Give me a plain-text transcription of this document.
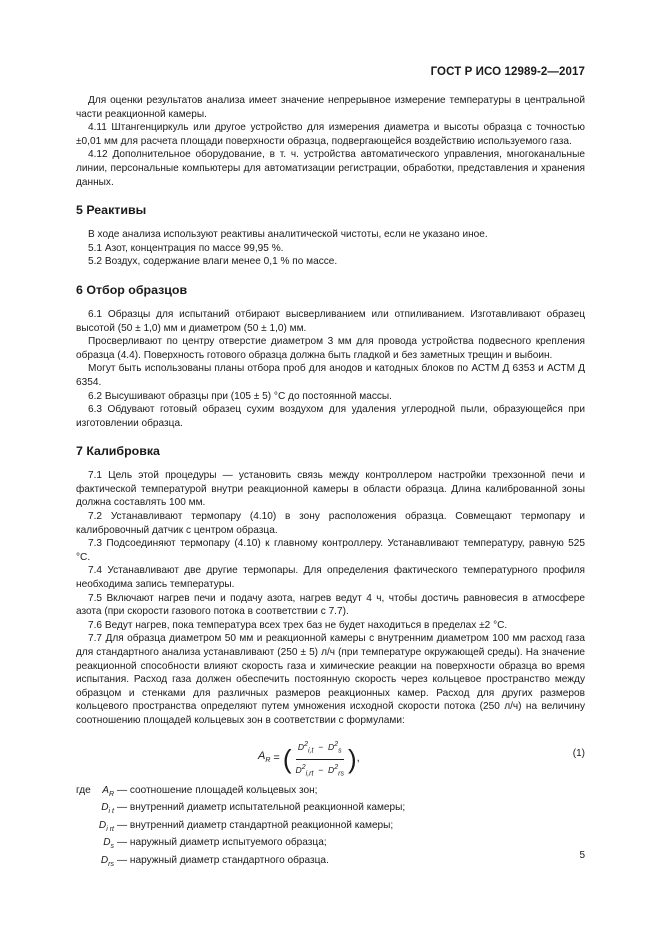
ГОСТ Р ИСО 12989-2—2017

Для оценки результатов анализа имеет значение непрерывное измерение температуры в центральной части реакционной камеры.

4.11 Штангенциркуль или другое устройство для измерения диаметра и высоты образца с точностью ±0,01 мм для расчета площади поверхности образца, подвергающейся воздействию используемого газа.

4.12 Дополнительное оборудование, в т. ч. устройства автоматического управления, многоканальные линии, персональные компьютеры для автоматизации регистрации, обработки, представления и хранения данных.

5 Реактивы

В ходе анализа используют реактивы аналитической чистоты, если не указано иное.

5.1 Азот, концентрация по массе 99,95 %.

5.2 Воздух, содержание влаги менее 0,1 % по массе.

6 Отбор образцов

6.1 Образцы для испытаний отбирают высверливанием или отпиливанием. Изготавливают образец высотой (50 ± 1,0) мм и диаметром (50 ± 1,0) мм.

Просверливают по центру отверстие диаметром 3 мм для провода устройства подвесного крепления образца (4.4). Поверхность готового образца должна быть гладкой и без заметных трещин и выбоин.

Могут быть использованы планы отбора проб для анодов и катодных блоков по АСТМ Д 6353 и АСТМ Д 6354.

6.2 Высушивают образцы при (105 ± 5) °С до постоянной массы.

6.3 Обдувают готовый образец сухим воздухом для удаления углеродной пыли, образующейся при изготовлении образца.

7 Калибровка

7.1 Цель этой процедуры — установить связь между контроллером настройки трехзонной печи и фактической температурой внутри реакционной камеры в области образца. Длина калиброванной зоны должна составлять 100 мм.

7.2 Устанавливают термопару (4.10) в зону расположения образца. Совмещают термопару и калибровочный датчик с центром образца.

7.3 Подсоединяют термопару (4.10) к главному контроллеру. Устанавливают температуру, равную 525 °С.

7.4 Устанавливают две другие термопары. Для определения фактического температурного профиля необходима запись температуры.

7.5 Включают нагрев печи и подачу азота, нагрев ведут 4 ч, чтобы достичь равновесия в атмосфере азота (при скорости газового потока в соответствии с 7.7).

7.6 Ведут нагрев, пока температура всех трех баз не будет находиться в пределах ±2 °С.

7.7 Для образца диаметром 50 мм и реакционной камеры с внутренним диаметром 100 мм расход газа для стандартного анализа устанавливают (250 ± 5) л/ч (при температуре окружающей среды). На значение реакционной способности влияют скорость газа и химические реакции на поверхности образца во время испытания. Расход газа должен обеспечить постоянную скорость через кольцевое пространство между образцом и стенками для различных размеров реакционных камер. Расход для других размеров кольцевого пространства определяют путем умножения исходной скорости потока (250 л/ч) на величину соотношению площадей кольцевых зон в соответствии с формулами:

$A_R$ = ( $\frac{D^2_{i,t} - D^2_s}{D^2_{i,rt} - D^2_{rs}}$ ) ,	(1)
где	$A_R$ — соотношение площадей кольцевых зон;
$D_{i t}$ — внутренний диаметр испытательной реакционной камеры;
$D_{i rt}$ — внутренний диаметр стандартной реакционной камеры;
$D_s$ — наружный диаметр испытуемого образца;
$D_{rs}$ — наружный диаметр стандартного образца.	5
